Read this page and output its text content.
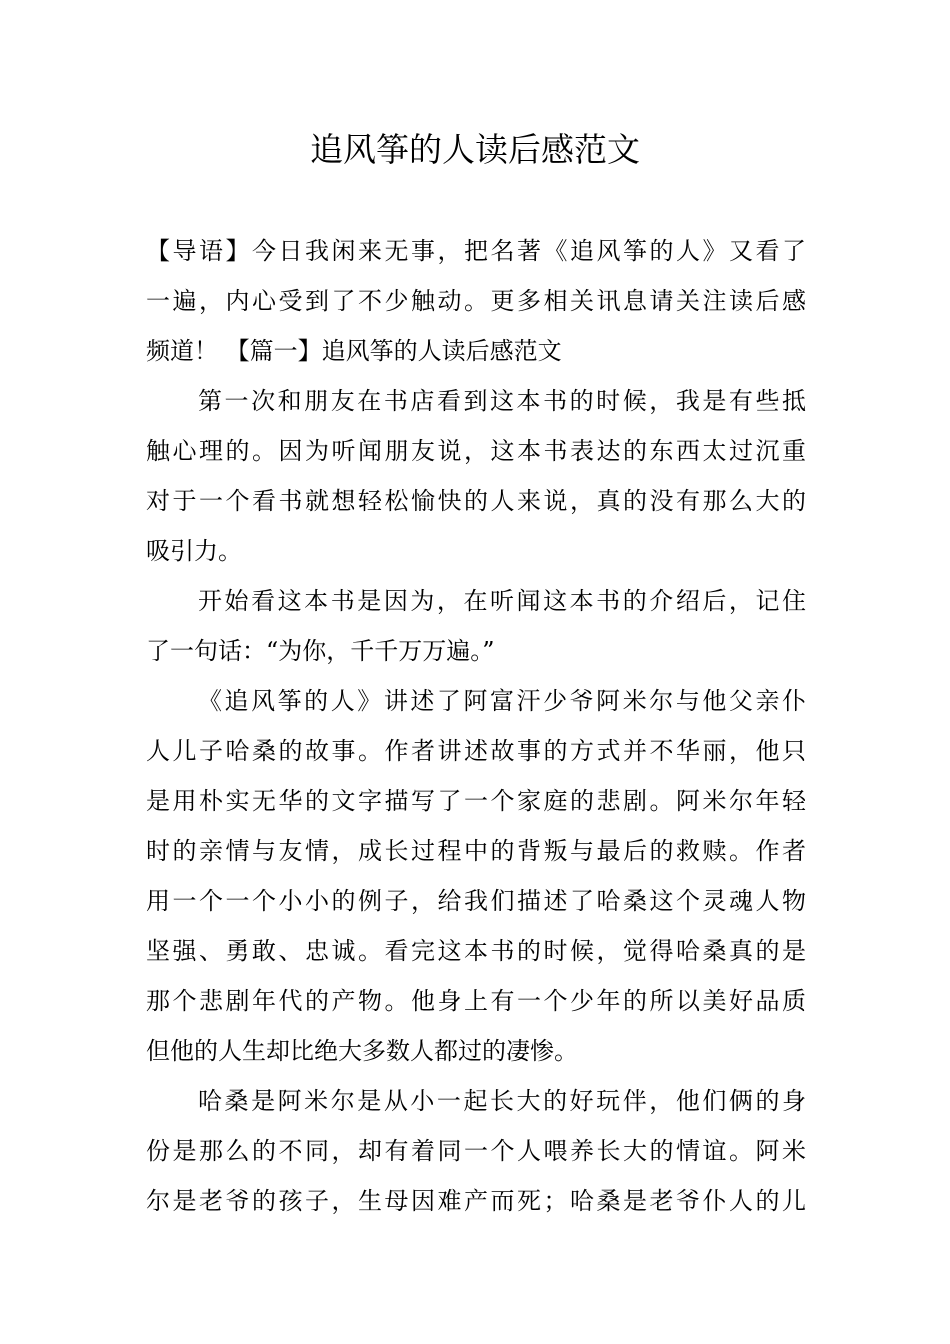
追风筝的人读后感范文
【导语】今日我闲来无事，把名著《追风筝的人》又看了
一遍，内心受到了不少触动。更多相关讯息请关注读后感
频道！ 【篇一】追风筝的人读后感范文
第一次和朋友在书店看到这本书的时候，我是有些抵
触心理的。因为听闻朋友说，这本书表达的东西太过沉重
对于一个看书就想轻松愉快的人来说，真的没有那么大的
吸引力。
开始看这本书是因为，在听闻这本书的介绍后，记住
了一句话：“为你，千千万万遍。”
《追风筝的人》讲述了阿富汗少爷阿米尔与他父亲仆
人儿子哈桑的故事。作者讲述故事的方式并不华丽，他只
是用朴实无华的文字描写了一个家庭的悲剧。阿米尔年轻
时的亲情与友情，成长过程中的背叛与最后的救赎。作者
用一个一个小小的例子，给我们描述了哈桑这个灵魂人物
坚强、勇敢、忠诚。看完这本书的时候，觉得哈桑真的是
那个悲剧年代的产物。他身上有一个少年的所以美好品质
但他的人生却比绝大多数人都过的凄惨。
哈桑是阿米尔是从小一起长大的好玩伴，他们俩的身
份是那么的不同，却有着同一个人喂养长大的情谊。阿米
尔是老爷的孩子，生母因难产而死；哈桑是老爷仆人的儿
